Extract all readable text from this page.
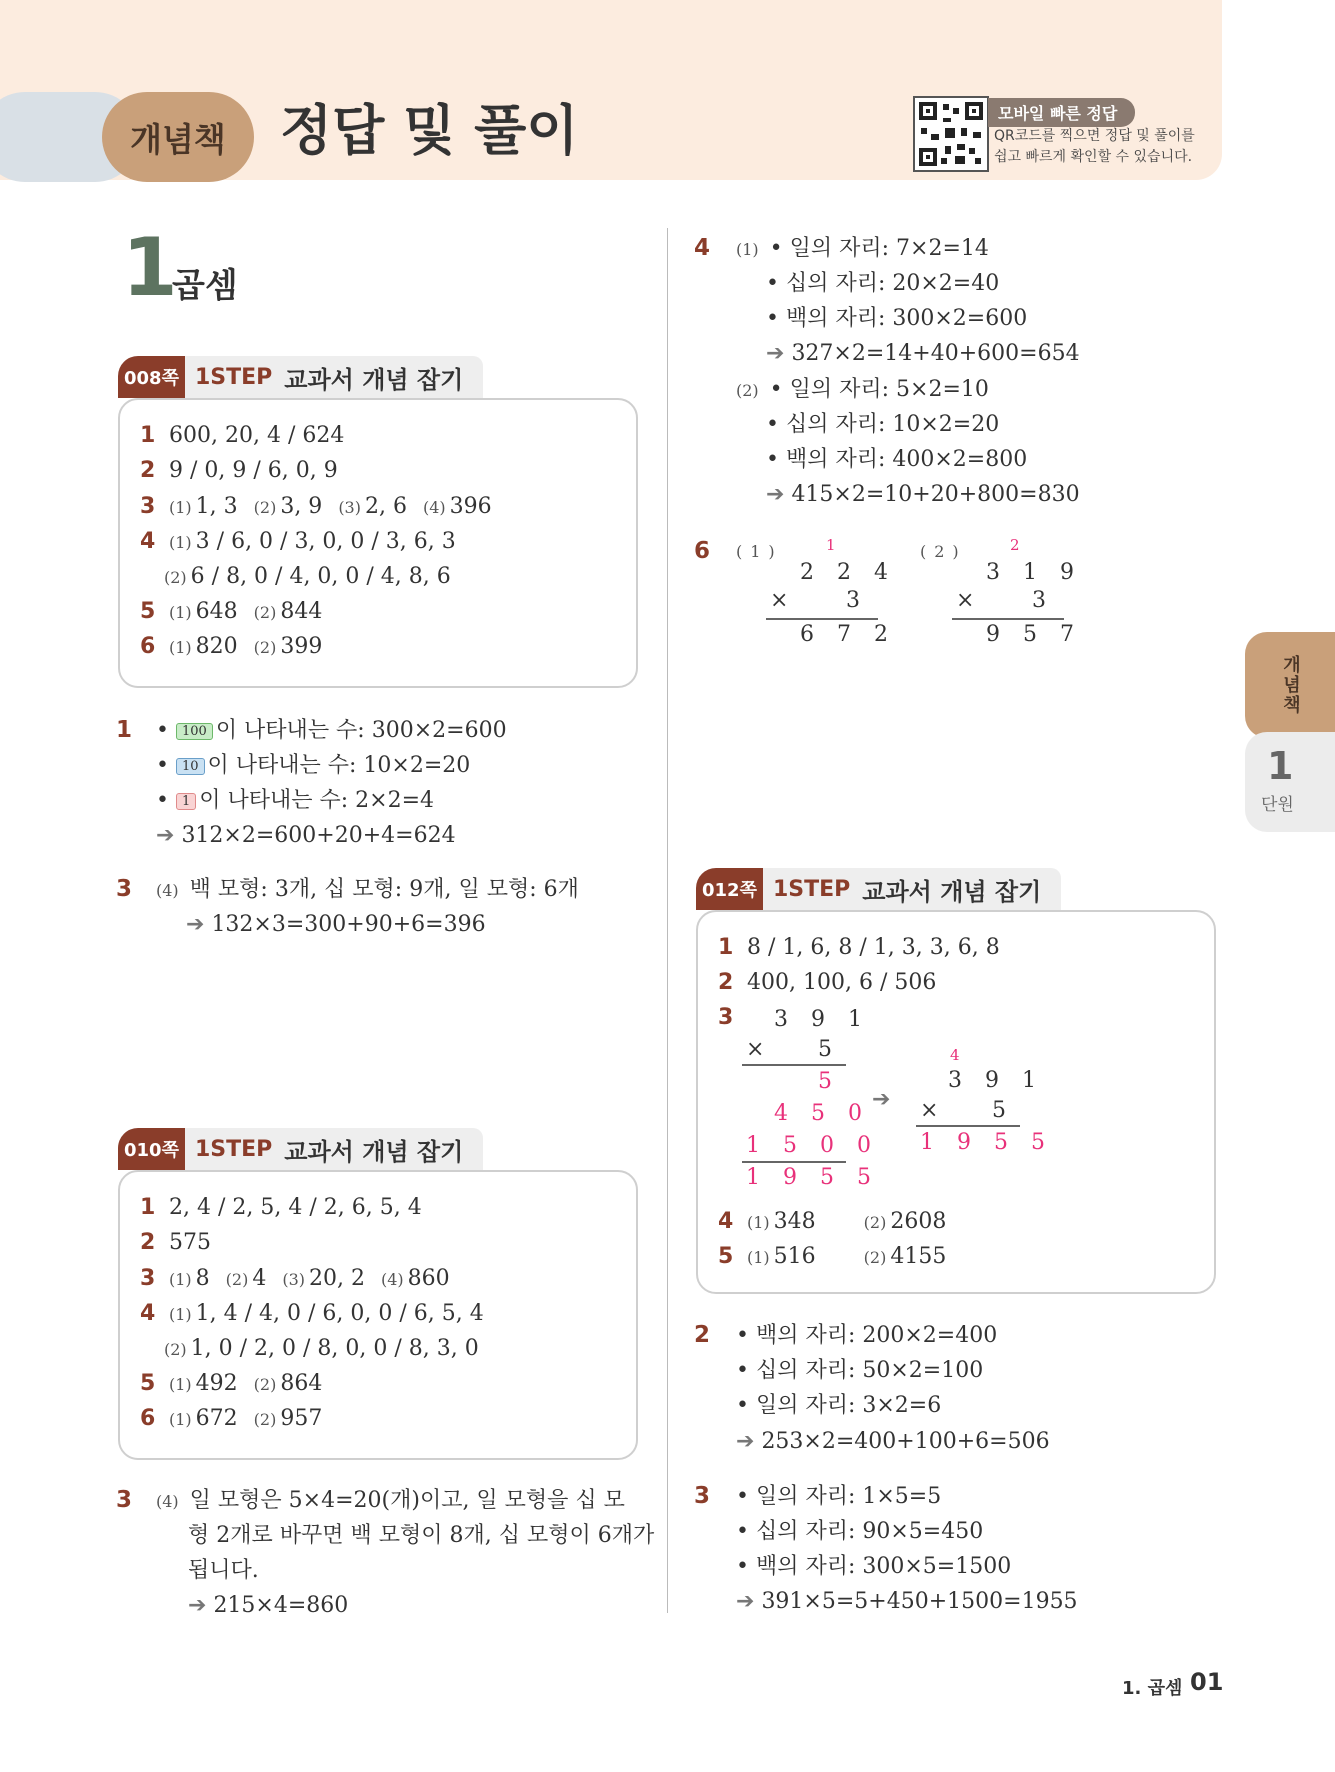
개념책	정답 및 풀이	모바일 빠른 정답
QR코드를 찍으면 정답 및 풀이를
쉽고 빠르게 확인할 수 있습니다.
1
곱셈
008쪽 1STEP 교과서 개념 잡기
1 600, 20, 4 / 624
2 9 / 0, 9 / 6, 0, 9
3 (1) 1, 3 (2) 3, 9 (3) 2, 6 (4) 396
4 (1) 3 / 6, 0 / 3, 0, 0 / 3, 6, 3
(2) 6 / 8, 0 / 4, 0, 0 / 4, 8, 6
5 (1) 648 (2) 844
6 (1) 820 (2) 399
1 • 100 이 나타내는 수: 300×2=600
• 10 이 나타내는 수: 10×2=20
• 1 이 나타내는 수: 2×2=4
➔ 312×2=600+20+4=624
3 (4) 백 모형: 3개, 십 모형: 9개, 일 모형: 6개
➔ 132×3=300+90+6=396
010쪽 1STEP 교과서 개념 잡기
1 2, 4 / 2, 5, 4 / 2, 6, 5, 4
2 575
3 (1) 8 (2) 4 (3) 20, 2 (4) 860
4 (1) 1, 4 / 4, 0 / 6, 0, 0 / 6, 5, 4
(2) 1, 0 / 2, 0 / 8, 0, 0 / 8, 3, 0
5 (1) 492 (2) 864
6 (1) 672 (2) 957
3 (4) 일 모형은 5×4=20(개)이고, 일 모형을 십 모
형 2개로 바꾸면 백 모형이 8개, 십 모형이 6개가
됩니다.
➔ 215×4=860
4 (1) • 일의 자리: 7×2=14
• 십의 자리: 20×2=40
• 백의 자리: 300×2=600
➔ 327×2=14+40+600=654
(2) • 일의 자리: 5×2=10
• 십의 자리: 10×2=20
• 백의 자리: 400×2=800
➔ 415×2=10+20+800=830
6 (1)	1
2 2 4
× 3
6 7 2
(2)	2
3 1 9
× 3
9 5 7
012쪽 1STEP 교과서 개념 잡기
1 8 / 1, 6, 8 / 1, 3, 3, 6, 8
2 400, 100, 6 / 506
3	3 9 1
× 5
5
4 5 0
1 5 0 0
1 9 5 5
➔
4
3 9 1
× 5
1 9 5 5
4 (1) 348	(2) 2608
5 (1) 516	(2) 4155
2 • 백의 자리: 200×2=400
• 십의 자리: 50×2=100
• 일의 자리: 3×2=6
➔ 253×2=400+100+6=506
3 • 일의 자리: 1×5=5
• 십의 자리: 90×5=450
• 백의 자리: 300×5=1500
➔ 391×5=5+450+1500=1955
개념책
1
단원
1. 곱셈 01
